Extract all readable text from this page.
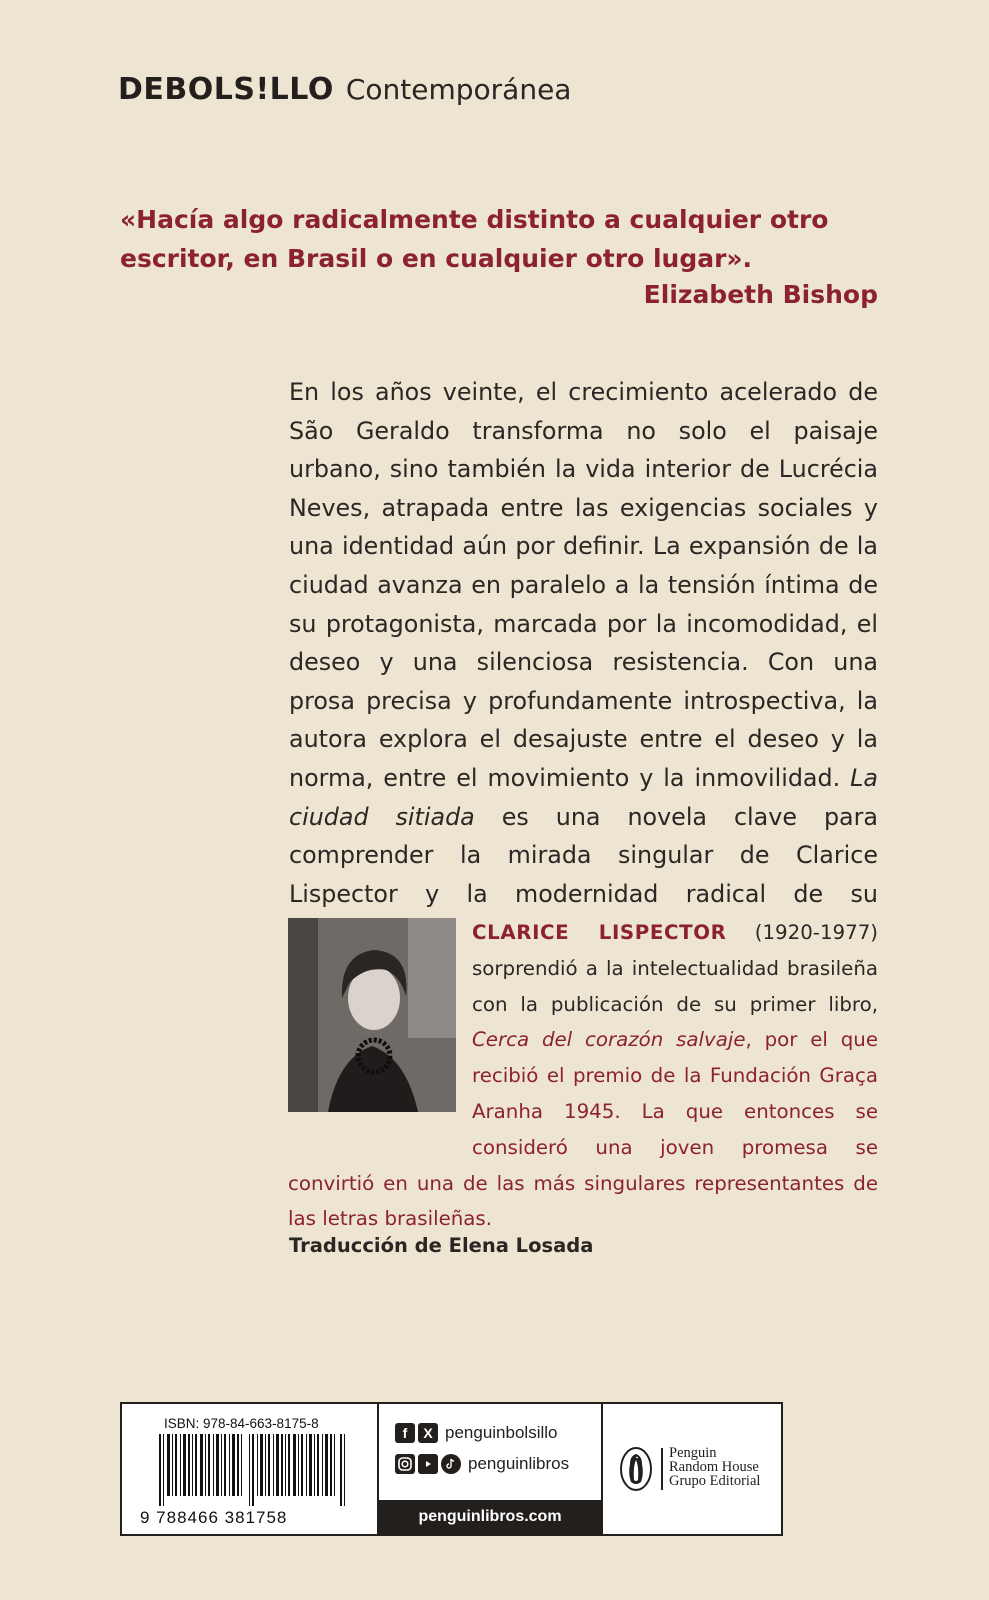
DEBOLS!LLO Contemporánea

«Hacía algo radicalmente distinto a cualquier otro escritor, en Brasil o en cualquier otro lugar».

Elizabeth Bishop

En los años veinte, el crecimiento acelerado de São Geraldo transforma no solo el paisaje urbano, sino también la vida interior de Lucrécia Neves, atrapada entre las exigencias sociales y una identidad aún por definir. La expansión de la ciudad avanza en paralelo a la tensión íntima de su protagonista, marcada por la incomodidad, el deseo y una silenciosa resistencia. Con una prosa precisa y profundamente introspectiva, la autora explora el desajuste entre el deseo y la norma, entre el movimiento y la inmovilidad. La ciudad sitiada es una novela clave para comprender la mirada singular de Clarice Lispector y la modernidad radical de su

CLARICE LISPECTOR (1920-1977) sorprendió a la intelectualidad brasileña con la publicación de su primer libro, Cerca del corazón salvaje, por el que recibió el premio de la Fundación Graça Aranha 1945. La que entonces se consideró una joven promesa se convirtió en una de las más singulares representantes de las letras brasileñas.

Traducción de Elena Losada

ISBN: 978-84-663-8175-8
9 788466 381758
f	X penguinbolsillo
penguinlibros
penguinlibros.com
Penguin
Random House
Grupo Editorial
